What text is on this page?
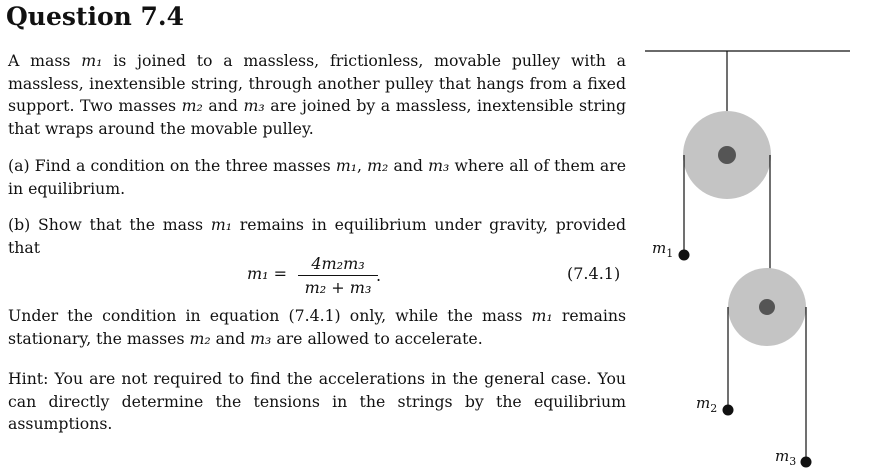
Question 7.4

A mass m₁ is joined to a massless, frictionless, movable pulley with a massless, inextensible string, through another pulley that hangs from a fixed support. Two masses m₂ and m₃ are joined by a massless, inextensible string that wraps around the movable pulley.

(a) Find a condition on the three masses m₁, m₂ and m₃ where all of them are in equilibrium.

(b) Show that the mass m₁ remains in equilibrium under gravity, provided that

m₁ =
4m₂m₃
m₂ + m₃
.	(7.4.1)

Under the condition in equation (7.4.1) only, while the mass m₁ remains stationary, the masses m₂ and m₃ are allowed to accelerate.

Hint: You are not required to find the accelerations in the general case. You can directly determine the tensions in the strings by the equilibrium assumptions.

$m_1$
$m_2$
$m_3$
